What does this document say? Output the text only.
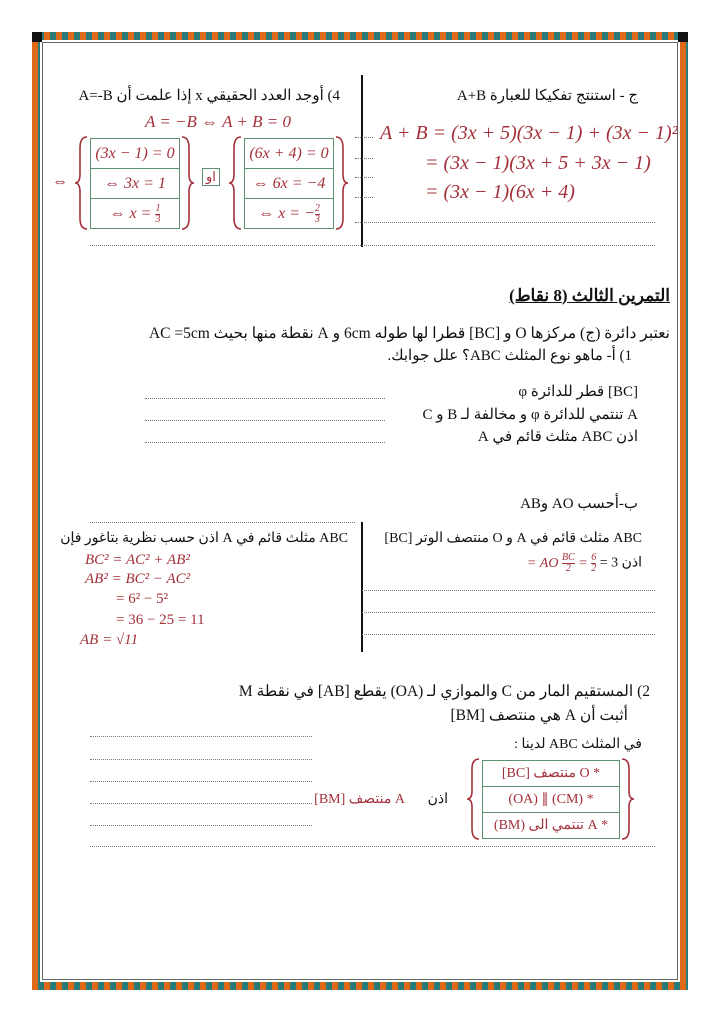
4) أوجد العدد الحقيقي x إذا علمت أن A=-B
A = −B ⇔ A + B = 0
⇔
(3x − 1) = 0
⇔ 3x = 1
⇔ $x = \frac{1}{3}$
او
(6x + 4) = 0
⇔ 6x = −4
⇔ x = − $\frac{2}{3}$
ج - استنتج تفكيكا للعبارة A+B
A + B = (3x + 5)(3x − 1) + (3x − 1)²
= (3x − 1)(3x + 5 + 3x − 1)
= (3x − 1)(6x + 4)
التمرين الثالث (8 نقاط)
نعتبر دائرة (ج) مركزها O و [BC] قطرا لها طوله 6cm و A نقطة منها بحيث AC =5cm
1) أ- ماهو نوع المثلث ABC؟ علل جوابك.
[BC] قطر للدائرة φ
A تنتمي للدائرة φ و مخالفة لـ B و C
اذن ABC مثلث قائم في A
ب-أحسب AO وAB
ABC مثلث قائم في A و O منتصف الوتر [BC]
اذن 3 =
$\frac{6}{2}$
=
$\frac{BC}{2}$
AO =
ABC مثلث قائم في A اذن حسب نظرية بتاغور فإن
BC² = AC² + AB²
AB² = BC² − AC²
= 6² − 5²
= 36 − 25 = 11
AB = √11
2) المستقيم المار من C والموازي لـ (OA) يقطع [AB] في نقطة M
أثبت أن A هي منتصف [BM]
في المثلث ABC لدينا :
* O منتصف [BC]
* (CM) ∥ (OA)
* A تنتمي الى (BM)
اذن
A منتصف [BM]
